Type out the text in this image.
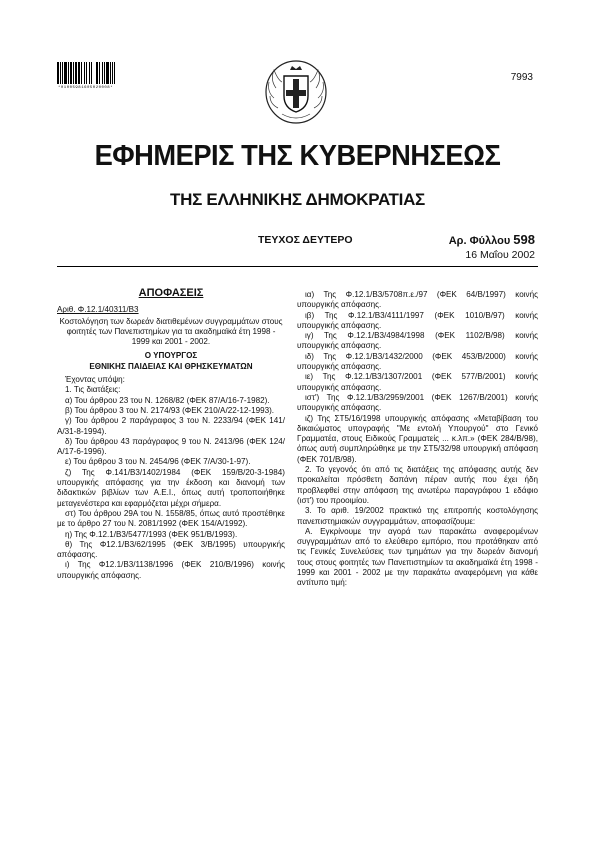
*01005981605020008*
7993
ΕΦΗΜΕΡΙΣ ΤΗΣ ΚΥΒΕΡΝΗΣΕΩΣ
ΤΗΣ ΕΛΛΗΝΙΚΗΣ ΔΗΜΟΚΡΑΤΙΑΣ
ΤΕΥΧΟΣ ΔΕΥΤΕΡΟ	Αρ. Φύλλου 598
16 Μαΐου 2002
ΑΠΟΦΑΣΕΙΣ

Αριθ. Φ.12.1/40311/Β3

Κοστολόγηση των δωρεάν διατιθεμένων συγγραμμάτων στους φοιτητές των Πανεπιστημίων για τα ακαδημαϊκά έτη 1998 - 1999 και 2001 - 2002.

Ο ΥΠΟΥΡΓΟΣ

ΕΘΝΙΚΗΣ ΠΑΙΔΕΙΑΣ ΚΑΙ ΘΡΗΣΚΕΥΜΑΤΩΝ

Έχοντας υπόψη:

1. Τις διατάξεις:

α) Του άρθρου 23 του Ν. 1268/82 (ΦΕΚ 87/Α/16-7-1982).

β) Του άρθρου 3 του Ν. 2174/93 (ΦΕΚ 210/Α/22-12-1993).

γ) Του άρθρου 2 παράγραφος 3 του Ν. 2233/94 (ΦΕΚ 141/Α/31-8-1994).

δ) Του άρθρου 43 παράγραφος 9 του Ν. 2413/96 (ΦΕΚ 124/Α/17-6-1996).

ε) Του άρθρου 3 του Ν. 2454/96 (ΦΕΚ 7/Α/30-1-97).

ζ) Της Φ.141/Β3/1402/1984 (ΦΕΚ 159/Β/20-3-1984) υπουργικής απόφασης για την έκδοση και διανομή των διδακτικών βιβλίων των Α.Ε.Ι., όπως αυτή τροποποιήθηκε μεταγενέστερα και εφαρμόζεται μέχρι σήμερα.

στ) Του άρθρου 29Α του Ν. 1558/85, όπως αυτό προστέθηκε με το άρθρο 27 του Ν. 2081/1992 (ΦΕΚ 154/Α/1992).

η) Της Φ.12.1/Β3/5477/1993 (ΦΕΚ 951/Β/1993).

θ) Της Φ12.1/Β3/62/1995 (ΦΕΚ 3/Β/1995) υπουργικής απόφασης.

ι) Της Φ12.1/Β3/1138/1996 (ΦΕΚ 210/Β/1996) κοινής υπουργικής απόφασης.

ια) Της Φ.12.1/Β3/5708π.ε./97 (ΦΕΚ 64/Β/1997) κοινής υπουργικής απόφασης.

ιβ) Της Φ.12.1/Β3/4111/1997 (ΦΕΚ 1010/Β/97) κοινής υπουργικής απόφασης.

ιγ) Της Φ.12.1/Β3/4984/1998 (ΦΕΚ 1102/Β/98) κοινής υπουργικής απόφασης.

ιδ) Της Φ.12.1/Β3/1432/2000 (ΦΕΚ 453/Β/2000) κοινής υπουργικής απόφασης.

ιε) Της Φ.12.1/Β3/1307/2001 (ΦΕΚ 577/Β/2001) κοινής υπουργικής απόφασης.

ιστ') Της Φ.12.1/Β3/2959/2001 (ΦΕΚ 1267/Β/2001) κοινής υπουργικής απόφασης.

ιζ) Της ΣΤ5/16/1998 υπουργικής απόφασης «Μεταβίβαση του δικαιώματος υπογραφής ''Με εντολή Υπουργού'' στο Γενικό Γραμματέα, στους Ειδικούς Γραμματείς ... κ.λπ.» (ΦΕΚ 284/Β/98), όπως αυτή συμπληρώθηκε με την ΣΤ5/32/98 υπουργική απόφαση (ΦΕΚ 701/Β/98).

2. Το γεγονός ότι από τις διατάξεις της απόφασης αυτής δεν προκαλείται πρόσθετη δαπάνη πέραν αυτής που έχει ήδη προβλεφθεί στην απόφαση της ανωτέρω παραγράφου 1 εδάφιο (ιστ') του προοιμίου.

3. Το αριθ. 19/2002 πρακτικό της επιτροπής κοστολόγησης πανεπιστημιακών συγγραμμάτων, αποφασίζουμε:

Α. Εγκρίνουμε την αγορά των παρακάτω αναφερομένων συγγραμμάτων από το ελεύθερο εμπόριο, που προτάθηκαν από τις Γενικές Συνελεύσεις των τμημάτων για την δωρεάν διανομή τους στους φοιτητές των Πανεπιστημίων τα ακαδημαϊκά έτη 1998 - 1999 και 2001 - 2002 με την παρακάτω αναφερόμενη για κάθε αντίτυπο τιμή:
